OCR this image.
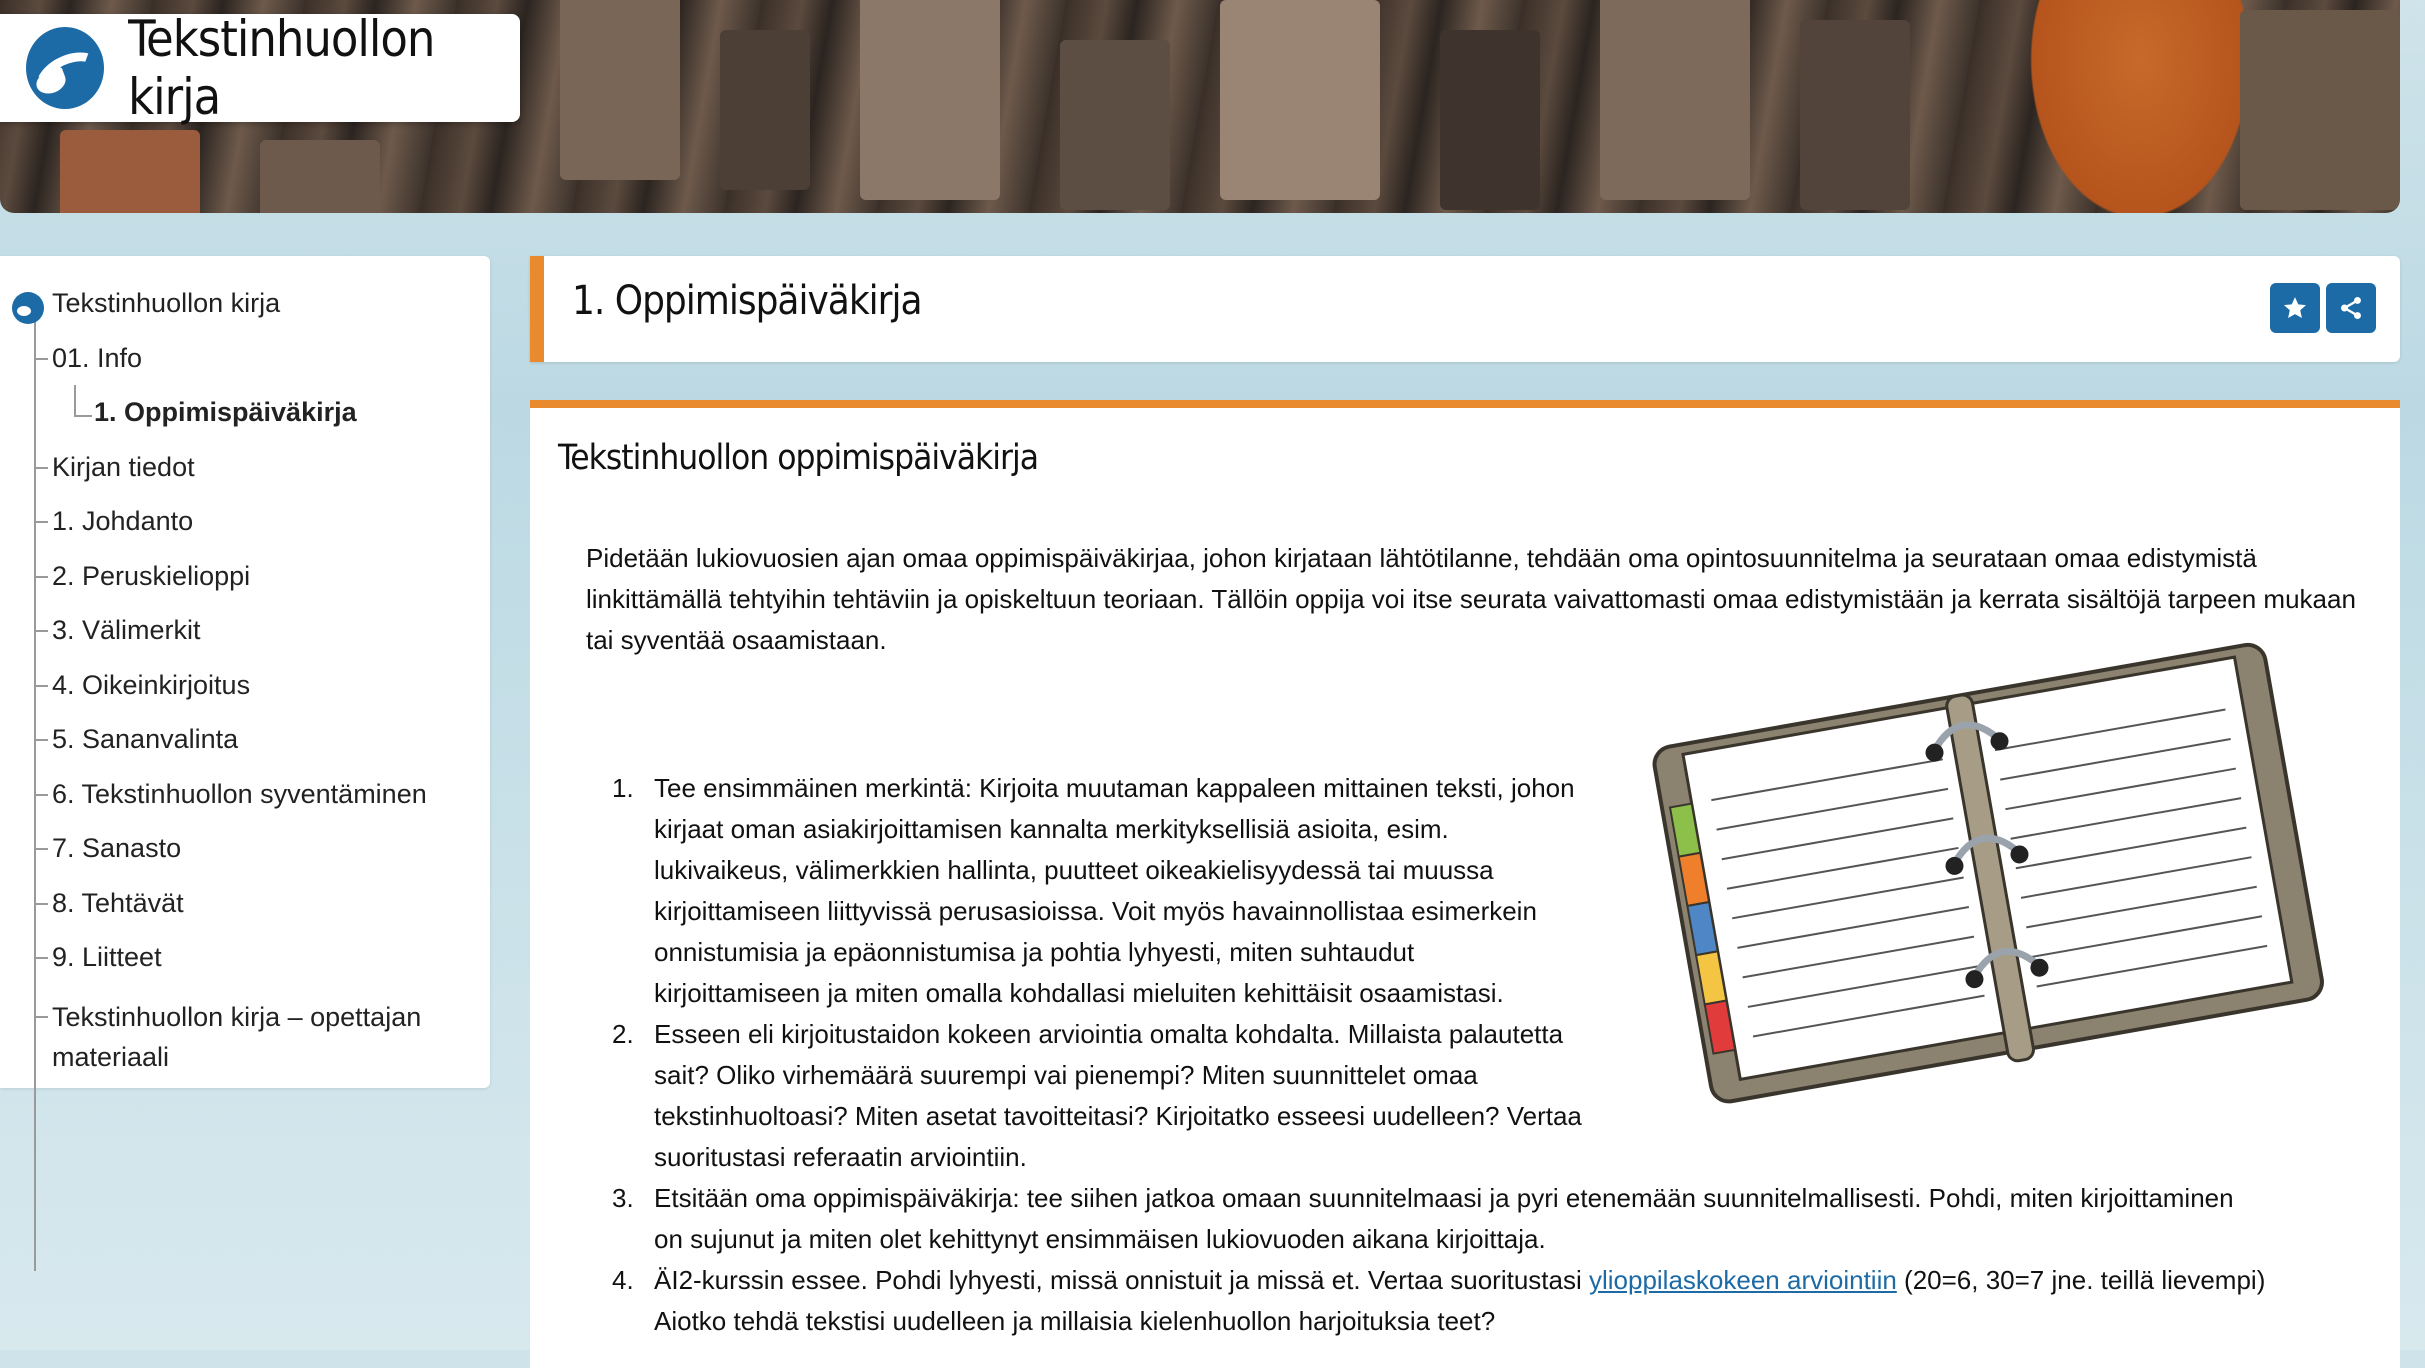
Tekstinhuollon kirja
Tekstinhuollon kirja
01. Info
1. Oppimispäiväkirja
Kirjan tiedot
1. Johdanto
2. Peruskielioppi
3. Välimerkit
4. Oikeinkirjoitus
5. Sananvalinta
6. Tekstinhuollon syventäminen
7. Sanasto
8. Tehtävät
9. Liitteet
Tekstinhuollon kirja – opettajan
materiaali
1. Oppimispäiväkirja
Tekstinhuollon oppimispäiväkirja
Pidetään lukiovuosien ajan omaa oppimispäiväkirjaa, johon kirjataan lähtötilanne, tehdään oma opintosuunnitelma ja seurataan omaa edistymistä linkittämällä tehtyihin tehtäviin ja opiskeltuun teoriaan. Tällöin oppija voi itse seurata vaivattomasti omaa edistymistään ja kerrata sisältöjä tarpeen mukaan tai syventää osaamistaan.
1. Tee ensimmäinen merkintä: Kirjoita muutaman kappaleen mittainen teksti, johon
kirjaat oman asiakirjoittamisen kannalta merkityksellisiä asioita, esim.
lukivaikeus, välimerkkien hallinta, puutteet oikeakielisyydessä tai muussa
kirjoittamiseen liittyvissä perusasioissa. Voit myös havainnollistaa esimerkein
onnistumisia ja epäonnistumisa ja pohtia lyhyesti, miten suhtaudut
kirjoittamiseen ja miten omalla kohdallasi mieluiten kehittäisit osaamistasi.
2. Esseen eli kirjoitustaidon kokeen arviointia omalta kohdalta. Millaista palautetta
sait? Oliko virhemäärä suurempi vai pienempi? Miten suunnittelet omaa
tekstinhuoltoasi? Miten asetat tavoitteitasi? Kirjoitatko esseesi uudelleen? Vertaa
suoritustasi referaatin arviointiin.
3. Etsitään oma oppimispäiväkirja: tee siihen jatkoa omaan suunnitelmaasi ja pyri etenemään suunnitelmallisesti. Pohdi, miten kirjoittaminen
on sujunut ja miten olet kehittynyt ensimmäisen lukiovuoden aikana kirjoittaja.
4. ÄI2-kurssin essee. Pohdi lyhyesti, missä onnistuit ja missä et. Vertaa suoritustasi ylioppilaskokeen arviointiin (20=6, 30=7 jne. teillä lievempi)
Aiotko tehdä tekstisi uudelleen ja millaisia kielenhuollon harjoituksia teet?
